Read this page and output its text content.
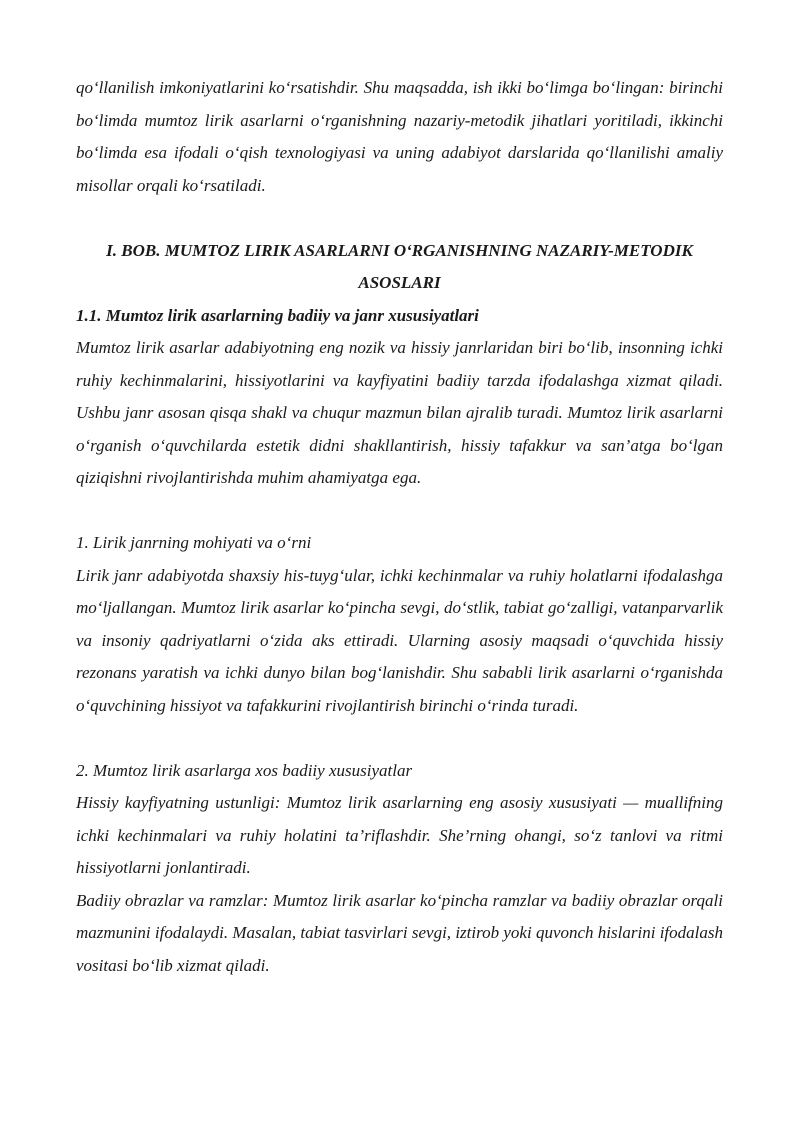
qo‘llanilish imkoniyatlarini ko‘rsatishdir. Shu maqsadda, ish ikki bo‘limga bo‘lingan: birinchi bo‘limda mumtoz lirik asarlarni o‘rganishning nazariy-metodik jihatlari yoritiladi, ikkinchi bo‘limda esa ifodali o‘qish texnologiyasi va uning adabiyot darslarida qo‘llanilishi amaliy misollar orqali ko‘rsatiladi.

I. BOB. MUMTOZ LIRIK ASARLARNI O‘RGANISHNING NAZARIY-METODIK ASOSLARI

1.1. Mumtoz lirik asarlarning badiiy va janr xususiyatlari

Mumtoz lirik asarlar adabiyotning eng nozik va hissiy janrlaridan biri bo‘lib, insonning ichki ruhiy kechinmalarini, hissiyotlarini va kayfiyatini badiiy tarzda ifodalashga xizmat qiladi. Ushbu janr asosan qisqa shakl va chuqur mazmun bilan ajralib turadi. Mumtoz lirik asarlarni o‘rganish o‘quvchilarda estetik didni shakllantirish, hissiy tafakkur va san’atga bo‘lgan qiziqishni rivojlantirishda muhim ahamiyatga ega.

1. Lirik janrning mohiyati va o‘rni

Lirik janr adabiyotda shaxsiy his-tuyg‘ular, ichki kechinmalar va ruhiy holatlarni ifodalashga mo‘ljallangan. Mumtoz lirik asarlar ko‘pincha sevgi, do‘stlik, tabiat go‘zalligi, vatanparvarlik va insoniy qadriyatlarni o‘zida aks ettiradi. Ularning asosiy maqsadi o‘quvchida hissiy rezonans yaratish va ichki dunyo bilan bog‘lanishdir. Shu sababli lirik asarlarni o‘rganishda o‘quvchining hissiyot va tafakkurini rivojlantirish birinchi o‘rinda turadi.

2. Mumtoz lirik asarlarga xos badiiy xususiyatlar

Hissiy kayfiyatning ustunligi: Mumtoz lirik asarlarning eng asosiy xususiyati — muallifning ichki kechinmalari va ruhiy holatini ta’riflashdir. She’rning ohangi, so‘z tanlovi va ritmi hissiyotlarni jonlantiradi.

Badiiy obrazlar va ramzlar: Mumtoz lirik asarlar ko‘pincha ramzlar va badiiy obrazlar orqali mazmunini ifodalaydi. Masalan, tabiat tasvirlari sevgi, iztirob yoki quvonch hislarini ifodalash vositasi bo‘lib xizmat qiladi.
